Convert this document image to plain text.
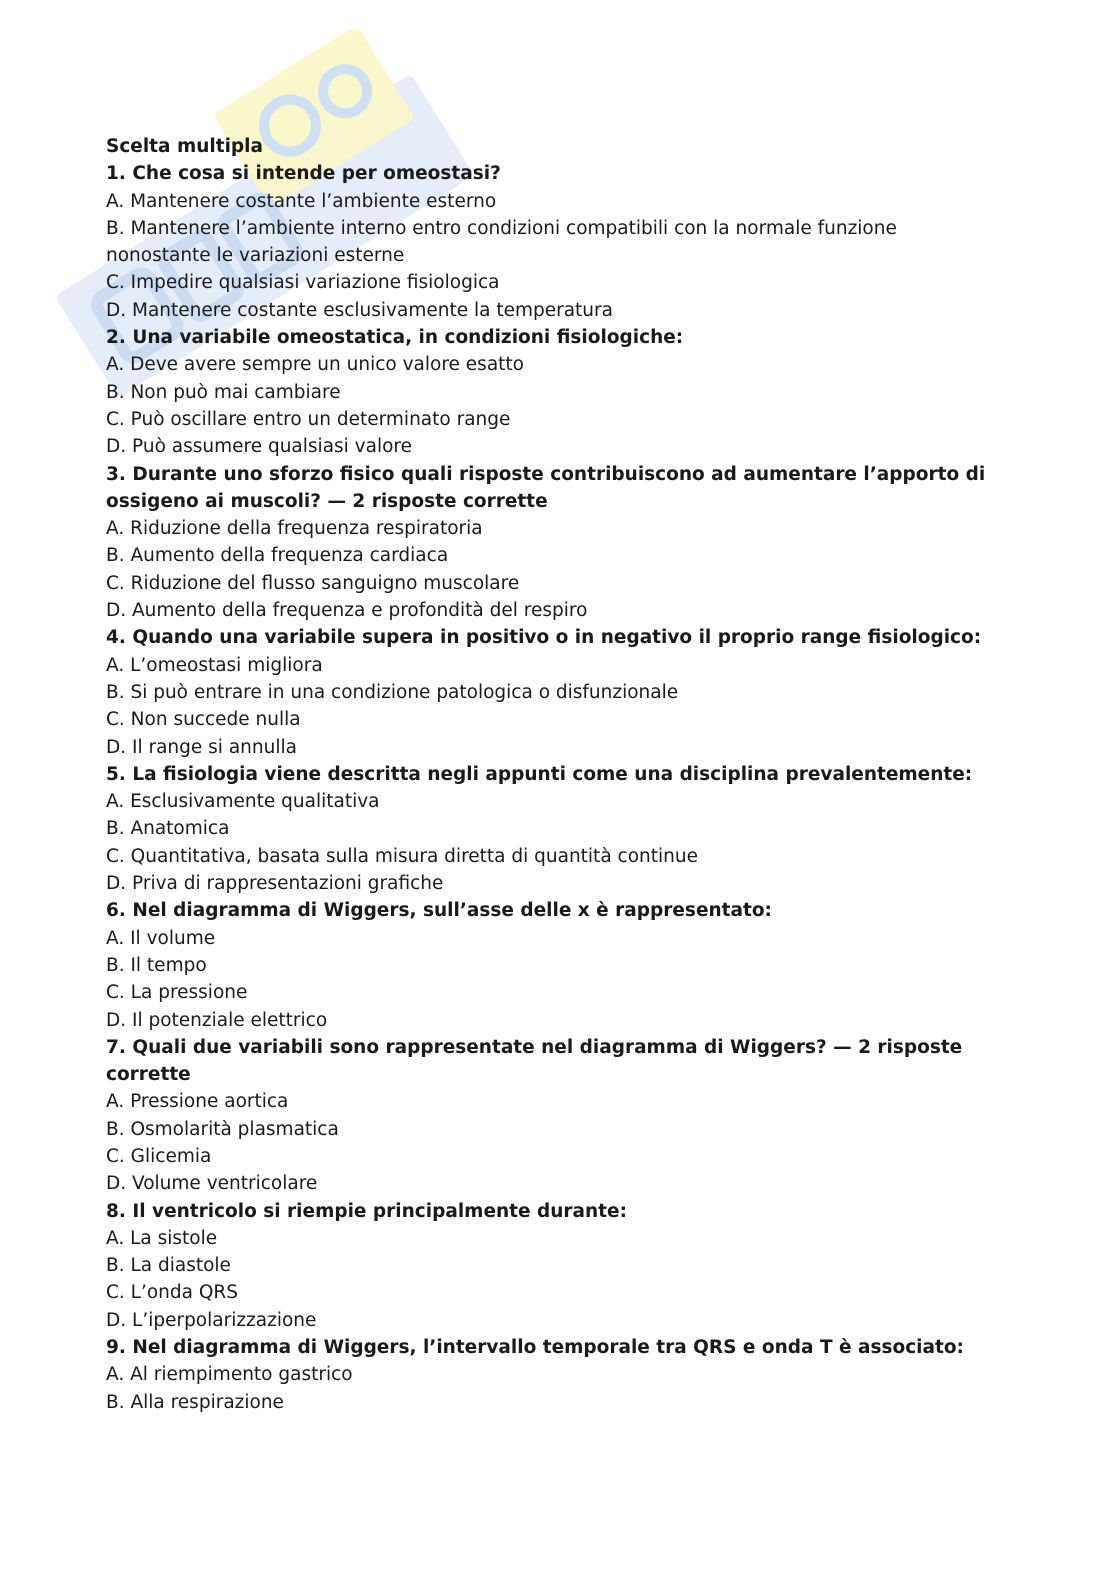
Scelta multipla
1. Che cosa si intende per omeostasi?
A. Mantenere costante l’ambiente esterno
B. Mantenere l’ambiente interno entro condizioni compatibili con la normale funzione nonostante le variazioni esterne
C. Impedire qualsiasi variazione fisiologica
D. Mantenere costante esclusivamente la temperatura
2. Una variabile omeostatica, in condizioni fisiologiche:
A. Deve avere sempre un unico valore esatto
B. Non può mai cambiare
C. Può oscillare entro un determinato range
D. Può assumere qualsiasi valore
3. Durante uno sforzo fisico quali risposte contribuiscono ad aumentare l’apporto di ossigeno ai muscoli? — 2 risposte corrette
A. Riduzione della frequenza respiratoria
B. Aumento della frequenza cardiaca
C. Riduzione del flusso sanguigno muscolare
D. Aumento della frequenza e profondità del respiro
4. Quando una variabile supera in positivo o in negativo il proprio range fisiologico:
A. L’omeostasi migliora
B. Si può entrare in una condizione patologica o disfunzionale
C. Non succede nulla
D. Il range si annulla
5. La fisiologia viene descritta negli appunti come una disciplina prevalentemente:
A. Esclusivamente qualitativa
B. Anatomica
C. Quantitativa, basata sulla misura diretta di quantità continue
D. Priva di rappresentazioni grafiche
6. Nel diagramma di Wiggers, sull’asse delle x è rappresentato:
A. Il volume
B. Il tempo
C. La pressione
D. Il potenziale elettrico
7. Quali due variabili sono rappresentate nel diagramma di Wiggers? — 2 risposte corrette
A. Pressione aortica
B. Osmolarità plasmatica
C. Glicemia
D. Volume ventricolare
8. Il ventricolo si riempie principalmente durante:
A. La sistole
B. La diastole
C. L’onda QRS
D. L’iperpolarizzazione
9. Nel diagramma di Wiggers, l’intervallo temporale tra QRS e onda T è associato:
A. Al riempimento gastrico
B. Alla respirazione
